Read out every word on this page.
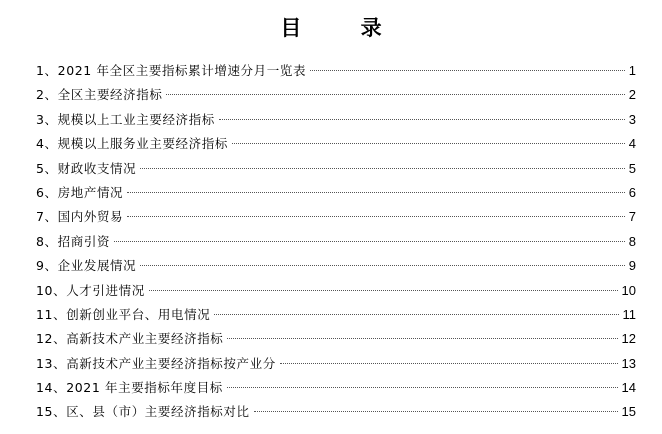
目 录
1、2021 年全区主要指标累计增速分月一览表	1
2、全区主要经济指标	2
3、规模以上工业主要经济指标	3
4、规模以上服务业主要经济指标	4
5、财政收支情况	5
6、房地产情况	6
7、国内外贸易	7
8、招商引资	8
9、企业发展情况	9
10、人才引进情况	10
11、创新创业平台、用电情况	11
12、高新技术产业主要经济指标	12
13、高新技术产业主要经济指标按产业分	13
14、2021 年主要指标年度目标	14
15、区、县（市）主要经济指标对比	15
